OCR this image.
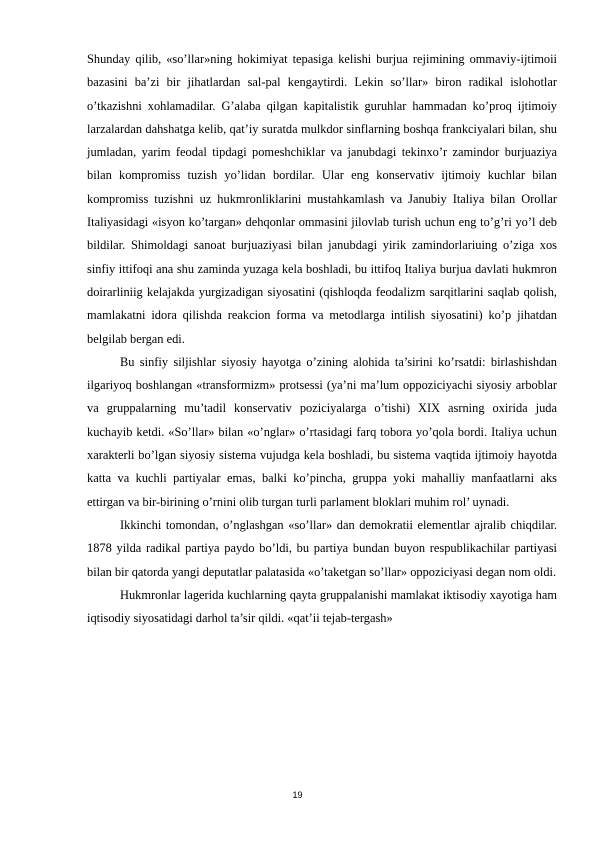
Shunday qilib, «so’llar»ning hokimiyat tepasiga kelishi burjua rejimining ommaviy-ijtimoii bazasini ba’zi bir jihatlardan sal-pal kengaytirdi. Lekin so’llar» biron radikal islohotlar o’tkazishni xohlamadilar. G’alaba qilgan kapitalistik guruhlar hammadan ko’proq ijtimoiy larzalardan dahshatga kelib, qat’iy suratda mulkdor sinflarning boshqa frankciyalari bilan, shu jumladan, yarim feodal tipdagi pomeshchiklar va janubdagi tekinxo’r zamindor burjuaziya bilan kompromiss tuzish yo’lidan bordilar. Ular eng konservativ ijtimoiy kuchlar bilan kompromiss tuzishni uz hukmronliklarini mustahkamlash va Janubiy Italiya bilan Orollar Italiyasidagi «isyon ko’targan» dehqonlar ommasini jilovlab turish uchun eng to’g’ri yo’l deb bildilar. Shimoldagi sanoat burjuaziyasi bilan janubdagi yirik zamindorlariuing o’ziga xos sinfiy ittifoqi ana shu zaminda yuzaga kela boshladi, bu ittifoq Italiya burjua davlati hukmron doirarliniig kelajakda yurgizadigan siyosatini (qishloqda feodalizm sarqitlarini saqlab qolish, mamlakatni idora qilishda reakcion forma va metodlarga intilish siyosatini) ko’p jihatdan belgilab bergan edi.

Bu sinfiy siljishlar siyosiy hayotga o’zining alohida ta’sirini ko’rsatdi: birlashishdan ilgariyoq boshlangan «transformizm» protsessi (ya’ni ma’lum oppoziciyachi siyosiy arboblar va gruppalarning mu’tadil konservativ poziciyalarga o’tishi) XIX asrning oxirida juda kuchayib ketdi. «So’llar» bilan «o’nglar» o’rtasidagi farq tobora yo’qola bordi. Italiya uchun xarakterli bo’lgan siyosiy sistema vujudga kela boshladi, bu sistema vaqtida ijtimoiy hayotda katta va kuchli partiyalar emas, balki ko’pincha, gruppa yoki mahalliy manfaatlarni aks ettirgan va bir-birining o’rnini olib turgan turli parlament bloklari muhim rol’ uynadi.

Ikkinchi tomondan, o’nglashgan «so’llar» dan demokratii elementlar ajralib chiqdilar. 1878 yilda radikal partiya paydo bo’ldi, bu partiya bundan buyon respublikachilar partiyasi bilan bir qatorda yangi deputatlar palatasida «o’taketgan so’llar» oppoziciyasi degan nom oldi.

Hukmronlar lagerida kuchlarning qayta gruppalanishi mamlakat iktisodiy xayotiga ham iqtisodiy siyosatidagi darhol ta’sir qildi. «qat’ii tejab-tergash»

19
